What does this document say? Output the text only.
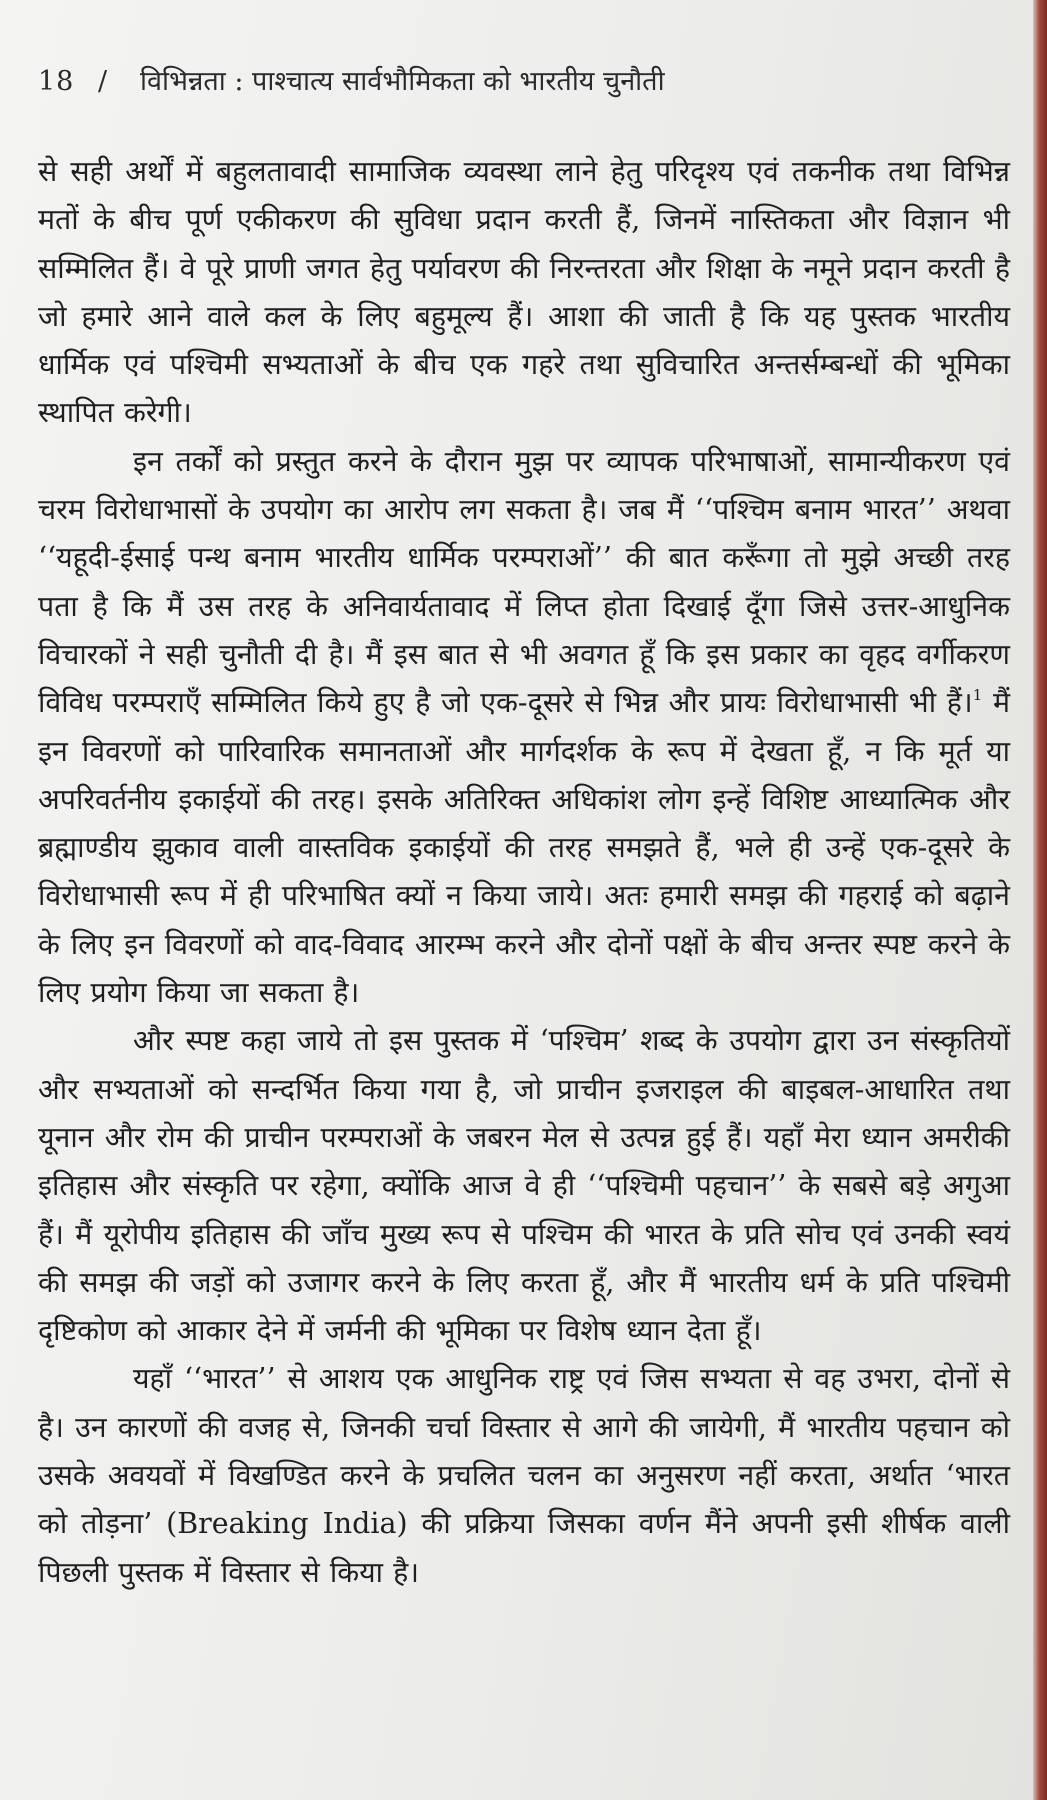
18 / विभिन्नता : पाश्चात्य सार्वभौमिकता को भारतीय चुनौती

से सही अर्थों में बहुलतावादी सामाजिक व्यवस्था लाने हेतु परिदृश्य एवं तकनीक तथा विभिन्न मतों के बीच पूर्ण एकीकरण की सुविधा प्रदान करती हैं, जिनमें नास्तिकता और विज्ञान भी सम्मिलित हैं। वे पूरे प्राणी जगत हेतु पर्यावरण की निरन्तरता और शिक्षा के नमूने प्रदान करती है जो हमारे आने वाले कल के लिए बहुमूल्य हैं। आशा की जाती है कि यह पुस्तक भारतीय धार्मिक एवं पश्चिमी सभ्यताओं के बीच एक गहरे तथा सुविचारित अन्तर्सम्बन्धों की भूमिका स्थापित करेगी।

इन तर्कों को प्रस्तुत करने के दौरान मुझ पर व्यापक परिभाषाओं, सामान्यीकरण एवं चरम विरोधाभासों के उपयोग का आरोप लग सकता है। जब मैं ‘‘पश्चिम बनाम भारत’’ अथवा ‘‘यहूदी-ईसाई पन्थ बनाम भारतीय धार्मिक परम्पराओं’’ की बात करूँगा तो मुझे अच्छी तरह पता है कि मैं उस तरह के अनिवार्यतावाद में लिप्त होता दिखाई दूँगा जिसे उत्तर-आधुनिक विचारकों ने सही चुनौती दी है। मैं इस बात से भी अवगत हूँ कि इस प्रकार का वृहद वर्गीकरण विविध परम्पराएँ सम्मिलित किये हुए है जो एक-दूसरे से भिन्न और प्रायः विरोधाभासी भी हैं।$^1$ मैं इन विवरणों को पारिवारिक समानताओं और मार्गदर्शक के रूप में देखता हूँ, न कि मूर्त या अपरिवर्तनीय इकाईयों की तरह। इसके अतिरिक्त अधिकांश लोग इन्हें विशिष्ट आध्यात्मिक और ब्रह्माण्डीय झुकाव वाली वास्तविक इकाईयों की तरह समझते हैं, भले ही उन्हें एक-दूसरे के विरोधाभासी रूप में ही परिभाषित क्यों न किया जाये। अतः हमारी समझ की गहराई को बढ़ाने के लिए इन विवरणों को वाद-विवाद आरम्भ करने और दोनों पक्षों के बीच अन्तर स्पष्ट करने के लिए प्रयोग किया जा सकता है।

और स्पष्ट कहा जाये तो इस पुस्तक में ‘पश्चिम’ शब्द के उपयोग द्वारा उन संस्कृतियों और सभ्यताओं को सन्दर्भित किया गया है, जो प्राचीन इजराइल की बाइबल-आधारित तथा यूनान और रोम की प्राचीन परम्पराओं के जबरन मेल से उत्पन्न हुई हैं। यहाँ मेरा ध्यान अमरीकी इतिहास और संस्कृति पर रहेगा, क्योंकि आज वे ही ‘‘पश्चिमी पहचान’’ के सबसे बड़े अगुआ हैं। मैं यूरोपीय इतिहास की जाँच मुख्य रूप से पश्चिम की भारत के प्रति सोच एवं उनकी स्वयं की समझ की जड़ों को उजागर करने के लिए करता हूँ, और मैं भारतीय धर्म के प्रति पश्चिमी दृष्टिकोण को आकार देने में जर्मनी की भूमिका पर विशेष ध्यान देता हूँ।

यहाँ ‘‘भारत’’ से आशय एक आधुनिक राष्ट्र एवं जिस सभ्यता से वह उभरा, दोनों से है। उन कारणों की वजह से, जिनकी चर्चा विस्तार से आगे की जायेगी, मैं भारतीय पहचान को उसके अवयवों में विखण्डित करने के प्रचलित चलन का अनुसरण नहीं करता, अर्थात ‘भारत को तोड़ना’ (Breaking India) की प्रक्रिया जिसका वर्णन मैंने अपनी इसी शीर्षक वाली पिछली पुस्तक में विस्तार से किया है।
